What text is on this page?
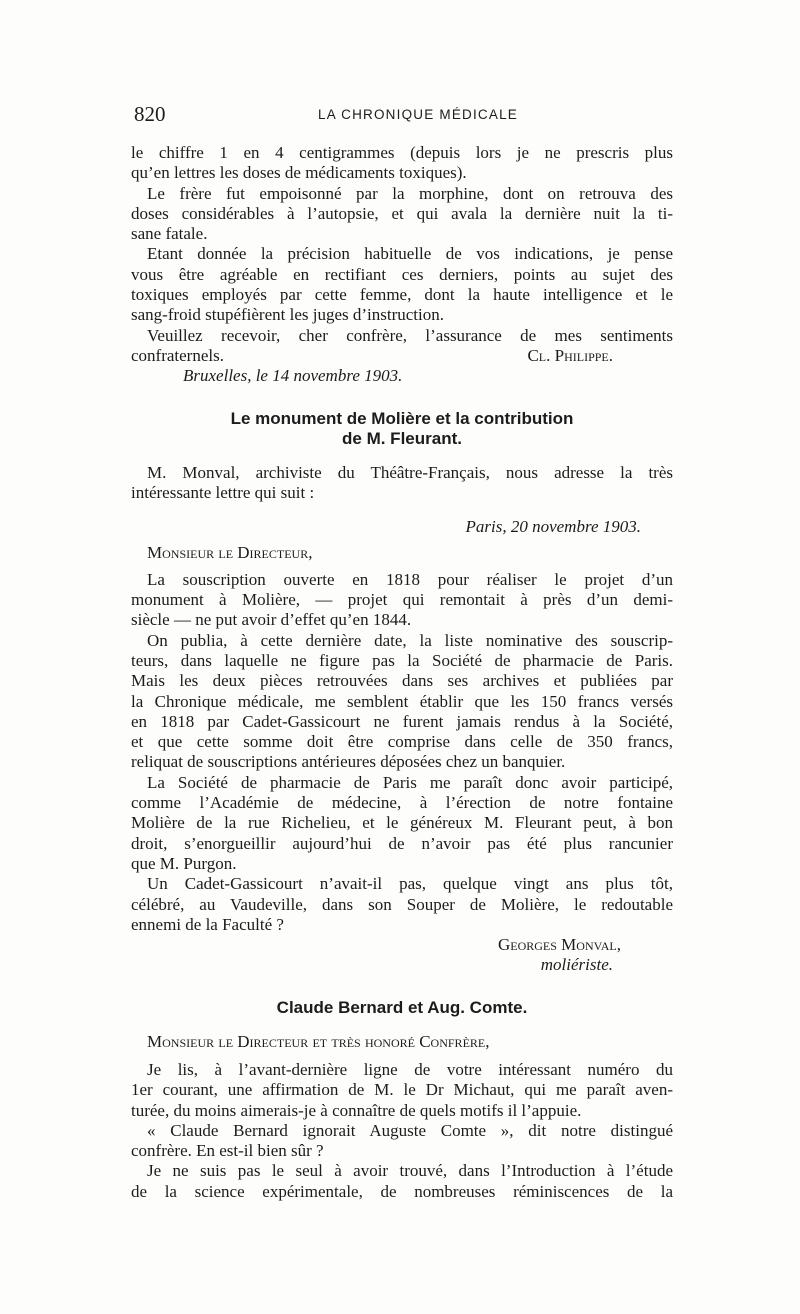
820	LA CHRONIQUE MÉDICALE
le chiffre 1 en 4 centigrammes (depuis lors je ne prescris plus
qu’en lettres les doses de médicaments toxiques).
Le frère fut empoisonné par la morphine, dont on retrouva des
doses considérables à l’autopsie, et qui avala la dernière nuit la ti-
sane fatale.
Etant donnée la précision habituelle de vos indications, je pense
vous être agréable en rectifiant ces derniers, points au sujet des
toxiques employés par cette femme, dont la haute intelligence et le
sang-froid stupéfièrent les juges d’instruction.
Veuillez recevoir, cher confrère, l’assurance de mes sentiments
confraternels.	Cl. Philippe.
Bruxelles, le 14 novembre 1903.
Le monument de Molière et la contribution
de M. Fleurant.
M. Monval, archiviste du Théâtre-Français, nous adresse la très
intéressante lettre qui suit :
Paris, 20 novembre 1903.
Monsieur le Directeur,
La souscription ouverte en 1818 pour réaliser le projet d’un
monument à Molière, — projet qui remontait à près d’un demi-
siècle — ne put avoir d’effet qu’en 1844.
On publia, à cette dernière date, la liste nominative des souscrip-
teurs, dans laquelle ne figure pas la Société de pharmacie de Paris.
Mais les deux pièces retrouvées dans ses archives et publiées par
la Chronique médicale, me semblent établir que les 150 francs versés
en 1818 par Cadet-Gassicourt ne furent jamais rendus à la Société,
et que cette somme doit être comprise dans celle de 350 francs,
reliquat de souscriptions antérieures déposées chez un banquier.
La Société de pharmacie de Paris me paraît donc avoir participé,
comme l’Académie de médecine, à l’érection de notre fontaine
Molière de la rue Richelieu, et le généreux M. Fleurant peut, à bon
droit, s’enorgueillir aujourd’hui de n’avoir pas été plus rancunier
que M. Purgon.
Un Cadet-Gassicourt n’avait-il pas, quelque vingt ans plus tôt,
célébré, au Vaudeville, dans son Souper de Molière, le redoutable
ennemi de la Faculté ?
Georges Monval,
moliériste.
Claude Bernard et Aug. Comte.
Monsieur le Directeur et très honoré Confrère,
Je lis, à l’avant-dernière ligne de votre intéressant numéro du
1er courant, une affirmation de M. le Dr Michaut, qui me paraît aven-
turée, du moins aimerais-je à connaître de quels motifs il l’appuie.
« Claude Bernard ignorait Auguste Comte », dit notre distingué
confrère. En est-il bien sûr ?
Je ne suis pas le seul à avoir trouvé, dans l’Introduction à l’étude
de la science expérimentale, de nombreuses réminiscences de la
